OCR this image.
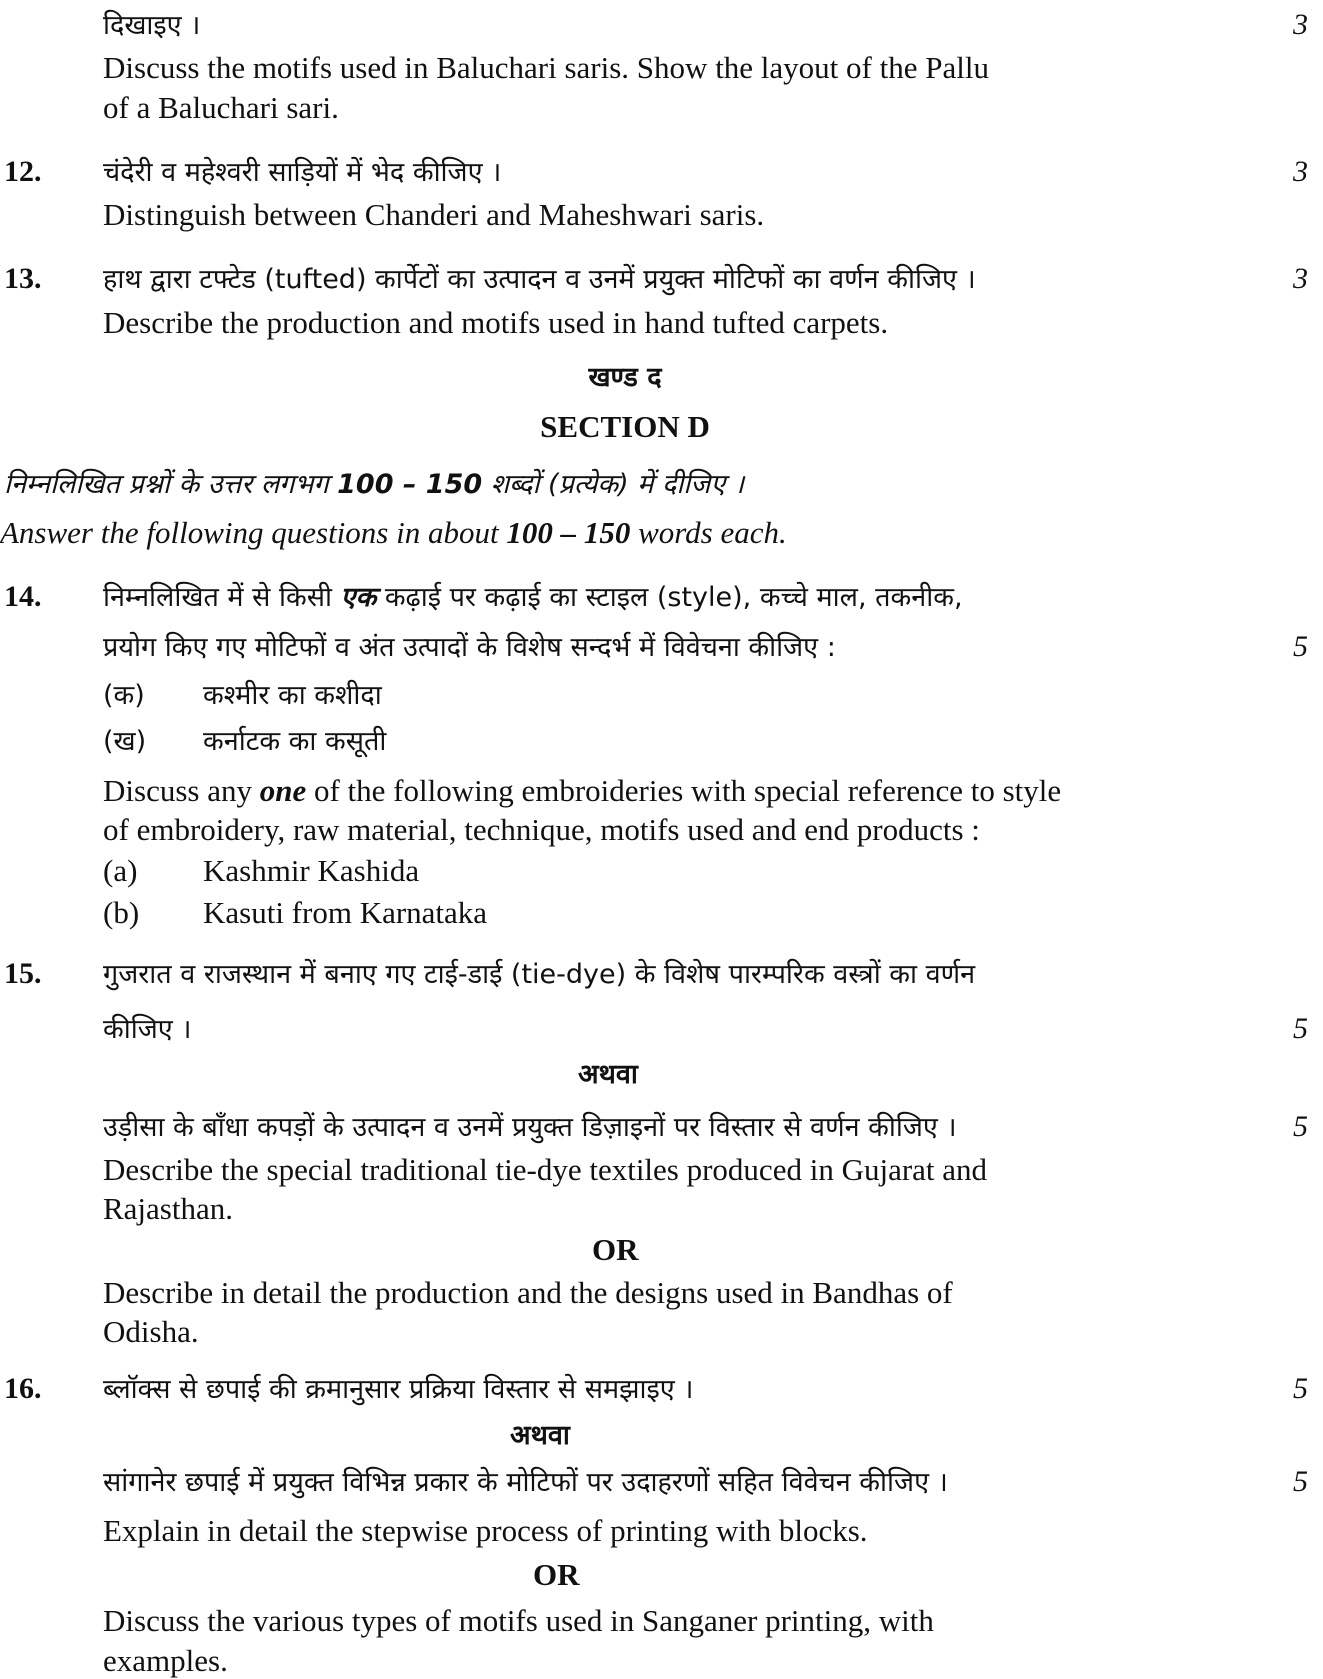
दिखाइए ।	3
Discuss the motifs used in Baluchari saris. Show the layout of the Pallu
of a Baluchari sari.
12. चंदेरी व महेश्वरी साड़ियों में भेद कीजिए ।	3
Distinguish between Chanderi and Maheshwari saris.
13. हाथ द्वारा टफ्टेड (tufted) कार्पेटों का उत्पादन व उनमें प्रयुक्त मोटिफों का वर्णन कीजिए ।	3
Describe the production and motifs used in hand tufted carpets.
खण्ड द
SECTION D
निम्नलिखित प्रश्नों के उत्तर लगभग 100 – 150 शब्दों (प्रत्येक) में दीजिए ।
Answer the following questions in about 100 – 150 words each.
14. निम्नलिखित में से किसी एक कढ़ाई पर कढ़ाई का स्टाइल (style), कच्चे माल, तकनीक,
प्रयोग किए गए मोटिफों व अंत उत्पादों के विशेष सन्दर्भ में विवेचना कीजिए :	5
(क) कश्मीर का कशीदा
(ख) कर्नाटक का कसूती
Discuss any one of the following embroideries with special reference to style
of embroidery, raw material, technique, motifs used and end products :
(a) Kashmir Kashida
(b) Kasuti from Karnataka
15. गुजरात व राजस्थान में बनाए गए टाई-डाई (tie-dye) के विशेष पारम्परिक वस्त्रों का वर्णन
कीजिए ।	5
अथवा
उड़ीसा के बाँधा कपड़ों के उत्पादन व उनमें प्रयुक्त डिज़ाइनों पर विस्तार से वर्णन कीजिए ।	5
Describe the special traditional tie-dye textiles produced in Gujarat and
Rajasthan.
OR
Describe in detail the production and the designs used in Bandhas of
Odisha.
16. ब्लॉक्स से छपाई की क्रमानुसार प्रक्रिया विस्तार से समझाइए ।	5
अथवा
सांगानेर छपाई में प्रयुक्त विभिन्न प्रकार के मोटिफों पर उदाहरणों सहित विवेचन कीजिए ।	5
Explain in detail the stepwise process of printing with blocks.
OR
Discuss the various types of motifs used in Sanganer printing, with
examples.
